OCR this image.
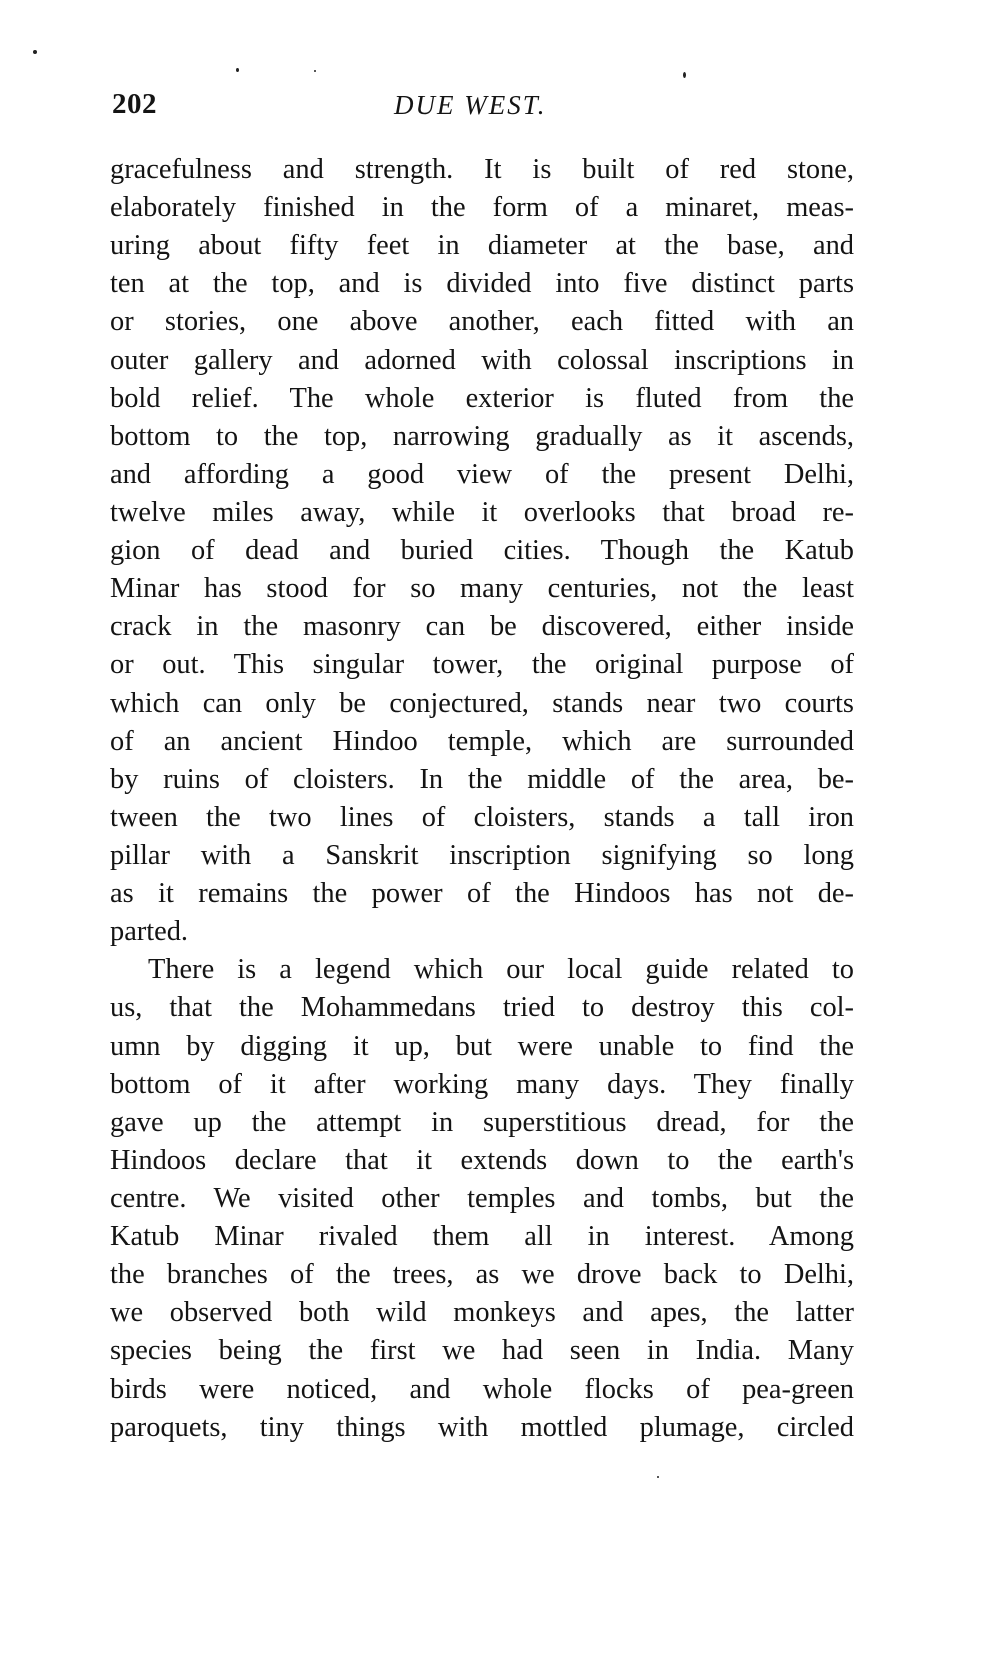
202	DUE WEST.
gracefulness and strength. It is built of red stone,
elaborately finished in the form of a minaret, meas-
uring about fifty feet in diameter at the base, and
ten at the top, and is divided into five distinct parts
or stories, one above another, each fitted with an
outer gallery and adorned with colossal inscriptions in
bold relief. The whole exterior is fluted from the
bottom to the top, narrowing gradually as it ascends,
and affording a good view of the present Delhi,
twelve miles away, while it overlooks that broad re-
gion of dead and buried cities. Though the Katub
Minar has stood for so many centuries, not the least
crack in the masonry can be discovered, either inside
or out. This singular tower, the original purpose of
which can only be conjectured, stands near two courts
of an ancient Hindoo temple, which are surrounded
by ruins of cloisters. In the middle of the area, be-
tween the two lines of cloisters, stands a tall iron
pillar with a Sanskrit inscription signifying so long
as it remains the power of the Hindoos has not de-
parted.
There is a legend which our local guide related to
us, that the Mohammedans tried to destroy this col-
umn by digging it up, but were unable to find the
bottom of it after working many days. They finally
gave up the attempt in superstitious dread, for the
Hindoos declare that it extends down to the earth's
centre. We visited other temples and tombs, but the
Katub Minar rivaled them all in interest. Among
the branches of the trees, as we drove back to Delhi,
we observed both wild monkeys and apes, the latter
species being the first we had seen in India. Many
birds were noticed, and whole flocks of pea-green
paroquets, tiny things with mottled plumage, circled
